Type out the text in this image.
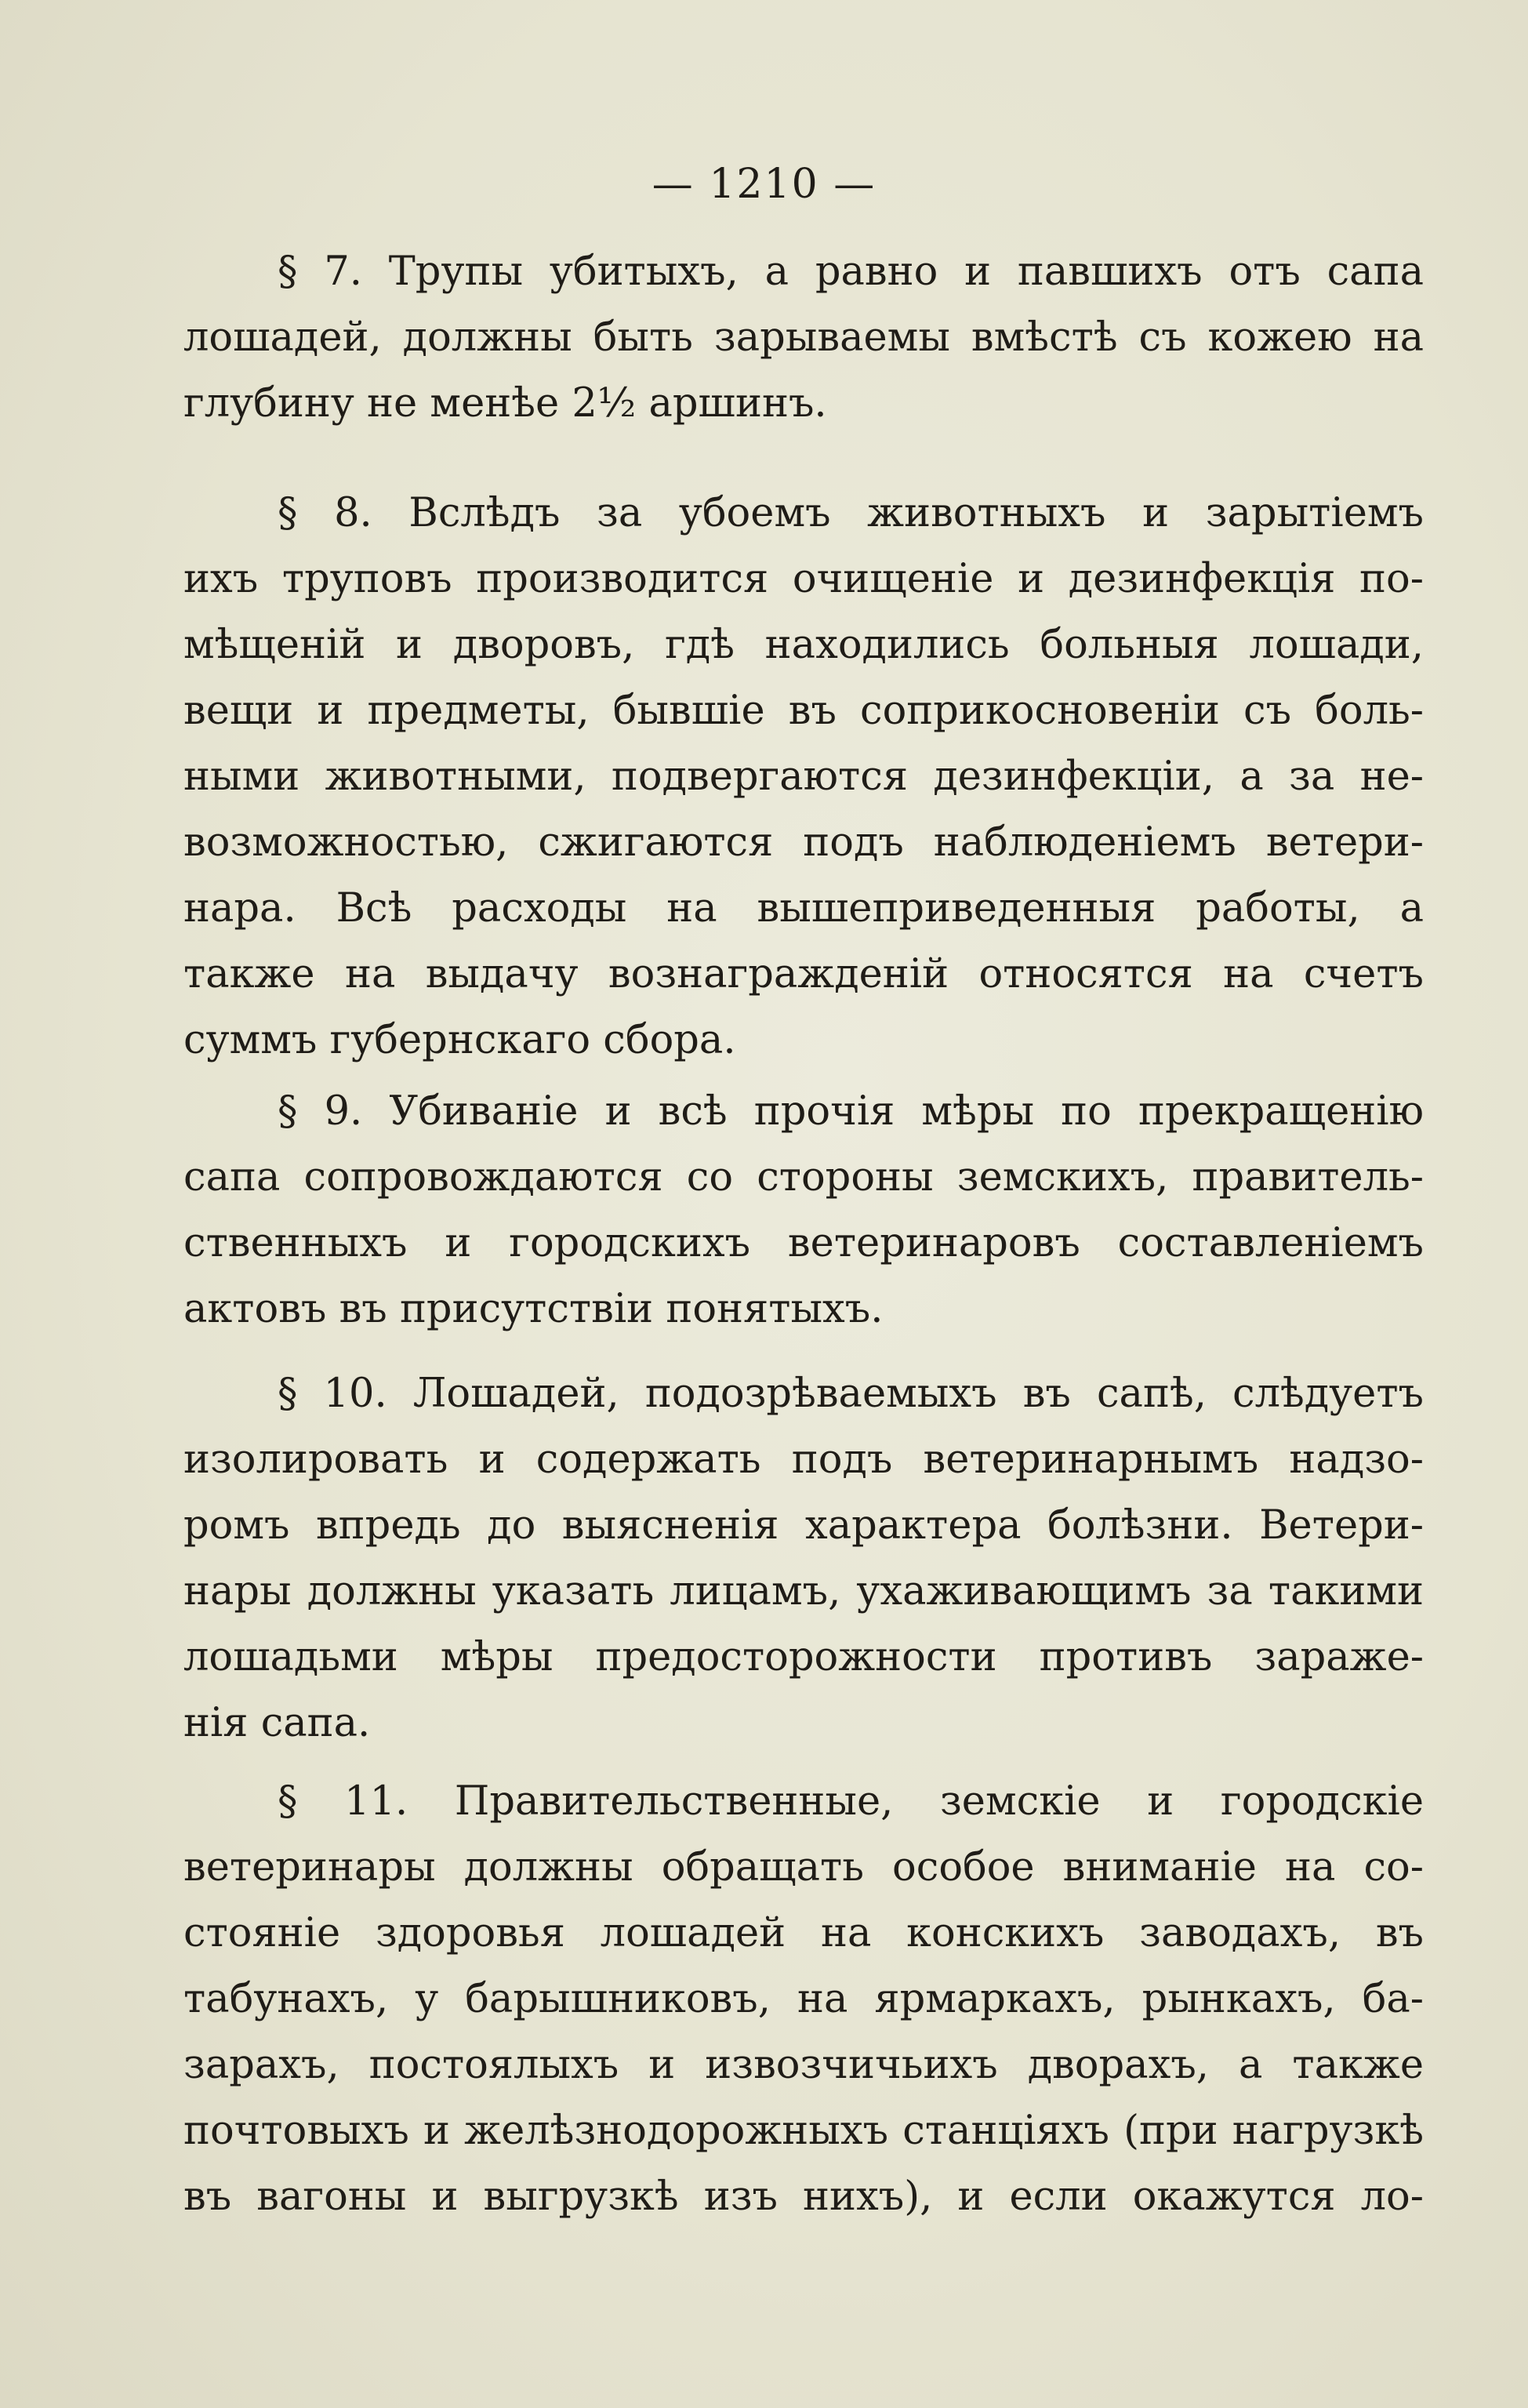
— 1210 —
§ 7. Трупы убитыхъ, а равно и павшихъ отъ сапа
лошадей, должны быть зарываемы вмѣстѣ съ кожею на
глубину не менѣе 2½ аршинъ.
§ 8. Вслѣдъ за убоемъ животныхъ и зарытіемъ
ихъ труповъ производится очищеніе и дезинфекція по-
мѣщеній и дворовъ, гдѣ находились больныя лошади,
вещи и предметы, бывшіе въ соприкосновеніи съ боль-
ными животными, подвергаются дезинфекціи, а за не-
возможностью, сжигаются подъ наблюденіемъ ветери-
нара. Всѣ расходы на вышеприведенныя работы, а
также на выдачу вознагражденій относятся на счетъ
суммъ губернскаго сбора.
§ 9. Убиваніе и всѣ прочія мѣры по прекращенію
сапа сопровождаются со стороны земскихъ, правитель-
ственныхъ и городскихъ ветеринаровъ составленіемъ
актовъ въ присутствіи понятыхъ.
§ 10. Лошадей, подозрѣваемыхъ въ сапѣ, слѣдуетъ
изолировать и содержать подъ ветеринарнымъ надзо-
ромъ впредь до выясненія характера болѣзни. Ветери-
нары должны указать лицамъ, ухаживающимъ за такими
лошадьми мѣры предосторожности противъ зараже-
нія сапа.
§ 11. Правительственные, земскіе и городскіе
ветеринары должны обращать особое вниманіе на со-
стояніе здоровья лошадей на конскихъ заводахъ, въ
табунахъ, у барышниковъ, на ярмаркахъ, рынкахъ, ба-
зарахъ, постоялыхъ и извозчичьихъ дворахъ, а также
почтовыхъ и желѣзнодорожныхъ станціяхъ (при нагрузкѣ
въ вагоны и выгрузкѣ изъ нихъ), и если окажутся ло-
